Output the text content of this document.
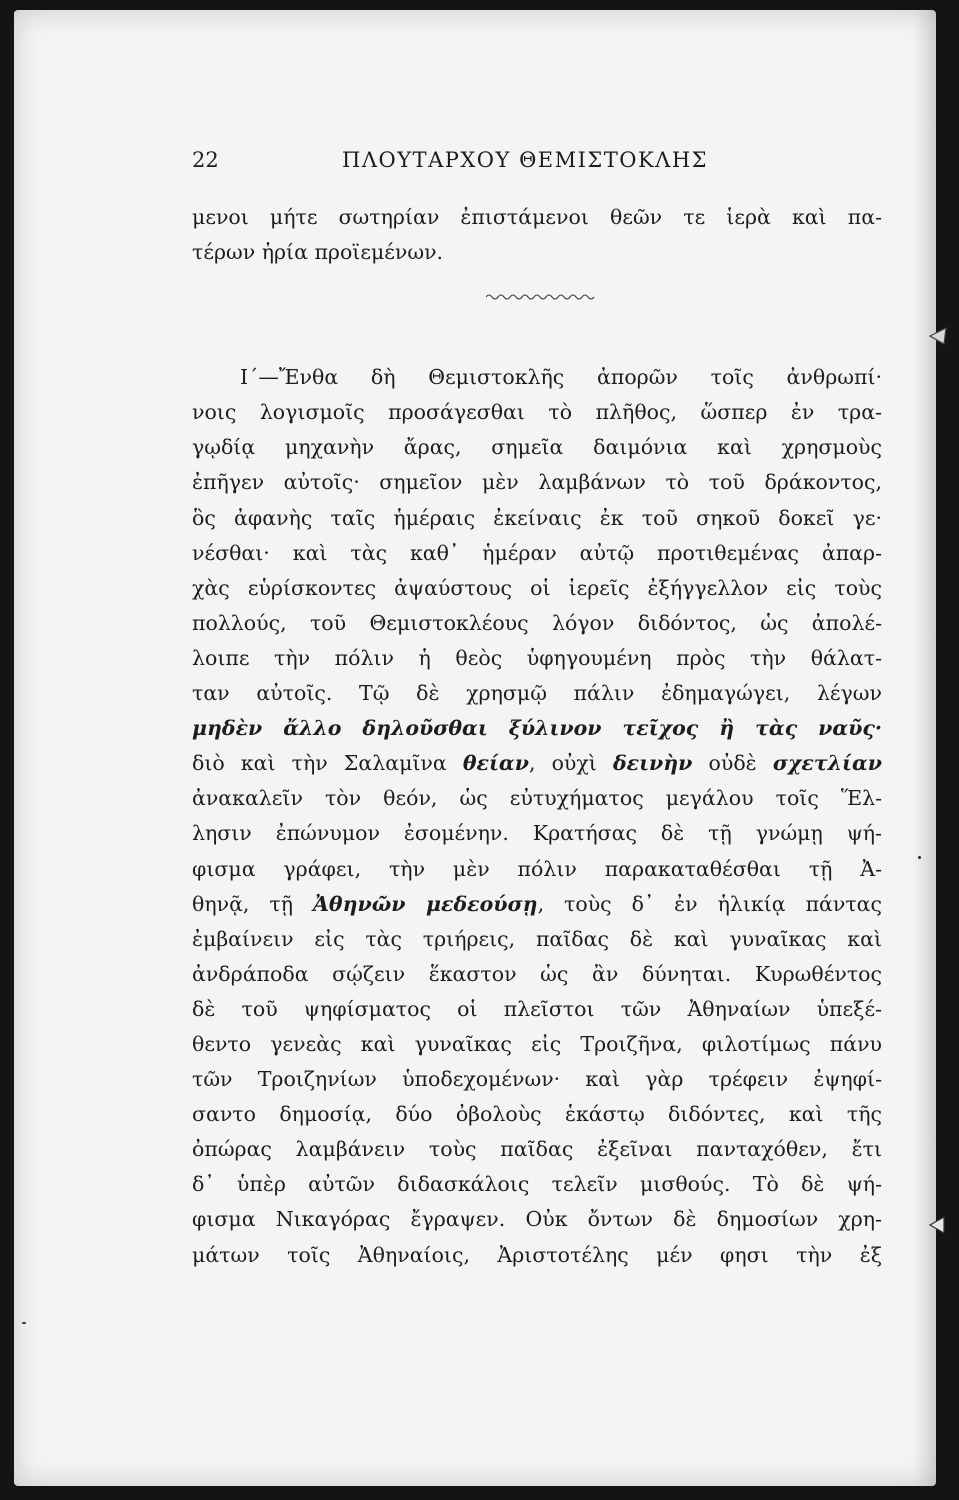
22	ΠΛΟΥΤΑΡΧΟΥ ΘΕΜΙΣΤΟΚΛΗΣ
μενοι μήτε σωτηρίαν ἐπιστάμενοι θεῶν τε ἱερὰ καὶ πα-
τέρων ἠρία προϊεμένων.
Ι΄—Ἔνθα δὴ Θεμιστοκλῆς ἀπορῶν τοῖς ἀνθρωπί·
νοις λογισμοῖς προσάγεσθαι τὸ πλῆθος, ὥσπερ ἐν τρα-
γῳδίᾳ μηχανὴν ἄρας, σημεῖα δαιμόνια καὶ χρησμοὺς
ἐπῆγεν αὐτοῖς· σημεῖον μὲν λαμβάνων τὸ τοῦ δράκοντος,
ὃς ἀφανὴς ταῖς ἡμέραις ἐκείναις ἐκ τοῦ σηκοῦ δοκεῖ γε·
νέσθαι· καὶ τὰς καθ᾽ ἡμέραν αὐτῷ προτιθεμένας ἀπαρ-
χὰς εὑρίσκοντες ἀψαύστους οἱ ἱερεῖς ἐξήγγελλον εἰς τοὺς
πολλούς, τοῦ Θεμιστοκλέους λόγον διδόντος, ὡς ἀπολέ-
λοιπε τὴν πόλιν ἡ θεὸς ὑφηγουμένη πρὸς τὴν θάλατ-
ταν αὐτοῖς. Τῷ δὲ χρησμῷ πάλιν ἐδημαγώγει, λέγων
μηδὲν ἄλλο δηλοῦσθαι ξύλινον τεῖχος ἢ τὰς ναῦς·
διὸ καὶ τὴν Σαλαμῖνα θείαν, οὐχὶ δεινὴν οὐδὲ σχετλίαν
ἀνακαλεῖν τὸν θεόν, ὡς εὐτυχήματος μεγάλου τοῖς Ἕλ-
λησιν ἐπώνυμον ἐσομένην. Κρατήσας δὲ τῇ γνώμῃ ψή-
φισμα γράφει, τὴν μὲν πόλιν παρακαταθέσθαι τῇ Ἀ-
θηνᾷ, τῇ Ἀθηνῶν μεδεούσῃ, τοὺς δ᾽ ἐν ἡλικίᾳ πάντας
ἐμβαίνειν εἰς τὰς τριήρεις, παῖδας δὲ καὶ γυναῖκας καὶ
ἀνδράποδα σῴζειν ἕκαστον ὡς ἂν δύνηται. Κυρωθέντος
δὲ τοῦ ψηφίσματος οἱ πλεῖστοι τῶν Ἀθηναίων ὑπεξέ-
θεντο γενεὰς καὶ γυναῖκας εἰς Τροιζῆνα, φιλοτίμως πάνυ
τῶν Τροιζηνίων ὑποδεχομένων· καὶ γὰρ τρέφειν ἐψηφί-
σαντο δημοσίᾳ, δύο ὀβολοὺς ἑκάστῳ διδόντες, καὶ τῆς
ὀπώρας λαμβάνειν τοὺς παῖδας ἐξεῖναι πανταχόθεν, ἔτι
δ᾽ ὑπὲρ αὐτῶν διδασκάλοις τελεῖν μισθούς. Τὸ δὲ ψή-
φισμα Νικαγόρας ἔγραψεν. Οὐκ ὄντων δὲ δημοσίων χρη-
μάτων τοῖς Ἀθηναίοις, Ἀριστοτέλης μέν φησι τὴν ἐξ
